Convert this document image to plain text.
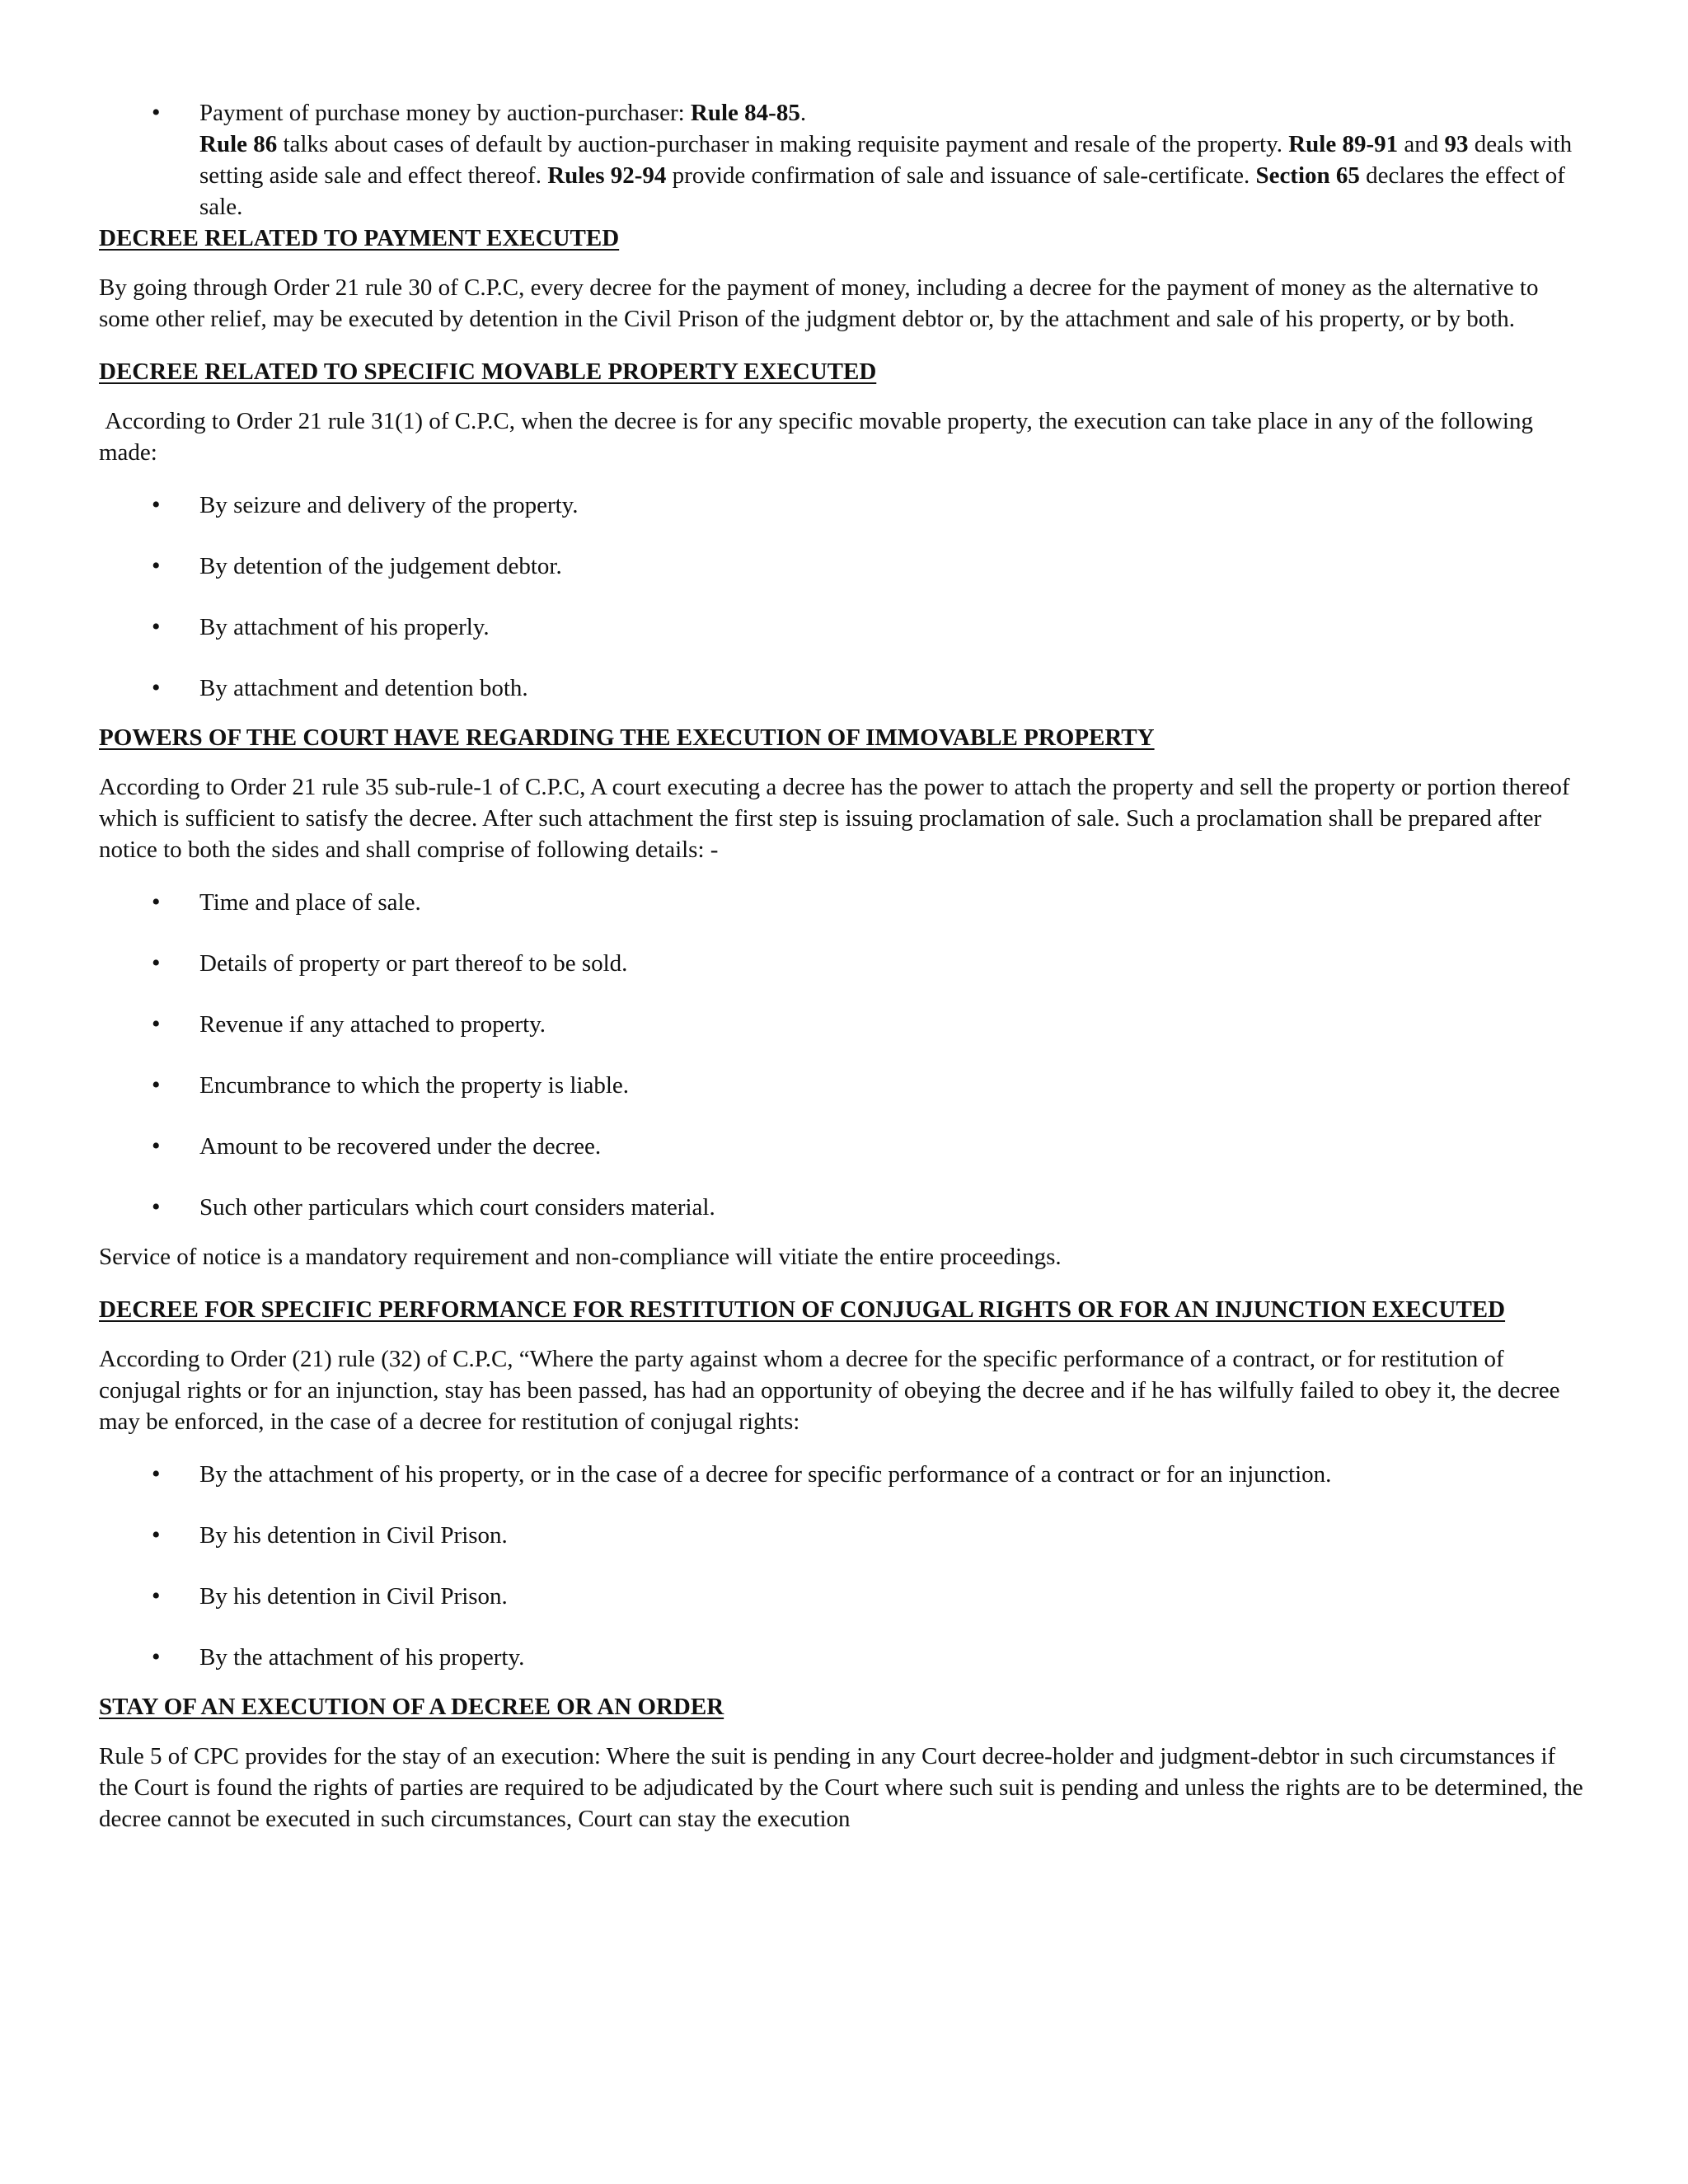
• Payment of purchase money by auction-purchaser: Rule 84-85.
Rule 86 talks about cases of default by auction-purchaser in making requisite payment and resale of the property. Rule 89-91 and 93 deals with setting aside sale and effect thereof. Rules 92-94 provide confirmation of sale and issuance of sale-certificate. Section 65 declares the effect of sale.

DECREE RELATED TO PAYMENT EXECUTED

By going through Order 21 rule 30 of C.P.C, every decree for the payment of money, including a decree for the payment of money as the alternative to some other relief, may be executed by detention in the Civil Prison of the judgment debtor or, by the attachment and sale of his property, or by both.

DECREE RELATED TO SPECIFIC MOVABLE PROPERTY EXECUTED

According to Order 21 rule 31(1) of C.P.C, when the decree is for any specific movable property, the execution can take place in any of the following made:

• By seizure and delivery of the property.
• By detention of the judgement debtor.
• By attachment of his properly.
• By attachment and detention both.

POWERS OF THE COURT HAVE REGARDING THE EXECUTION OF IMMOVABLE PROPERTY

According to Order 21 rule 35 sub-rule-1 of C.P.C, A court executing a decree has the power to attach the property and sell the property or portion thereof which is sufficient to satisfy the decree. After such attachment the first step is issuing proclamation of sale. Such a proclamation shall be prepared after notice to both the sides and shall comprise of following details: -

• Time and place of sale.
• Details of property or part thereof to be sold.
• Revenue if any attached to property.
• Encumbrance to which the property is liable.
• Amount to be recovered under the decree.
• Such other particulars which court considers material.

Service of notice is a mandatory requirement and non-compliance will vitiate the entire proceedings.

DECREE FOR SPECIFIC PERFORMANCE FOR RESTITUTION OF CONJUGAL RIGHTS OR FOR AN INJUNCTION EXECUTED

According to Order (21) rule (32) of C.P.C, “Where the party against whom a decree for the specific performance of a contract, or for restitution of conjugal rights or for an injunction, stay has been passed, has had an opportunity of obeying the decree and if he has wilfully failed to obey it, the decree may be enforced, in the case of a decree for restitution of conjugal rights:

• By the attachment of his property, or in the case of a decree for specific performance of a contract or for an injunction.
• By his detention in Civil Prison.
• By his detention in Civil Prison.
• By the attachment of his property.

STAY OF AN EXECUTION OF A DECREE OR AN ORDER

Rule 5 of CPC provides for the stay of an execution: Where the suit is pending in any Court decree-holder and judgment-debtor in such circumstances if the Court is found the rights of parties are required to be adjudicated by the Court where such suit is pending and unless the rights are to be determined, the decree cannot be executed in such circumstances, Court can stay the execution
